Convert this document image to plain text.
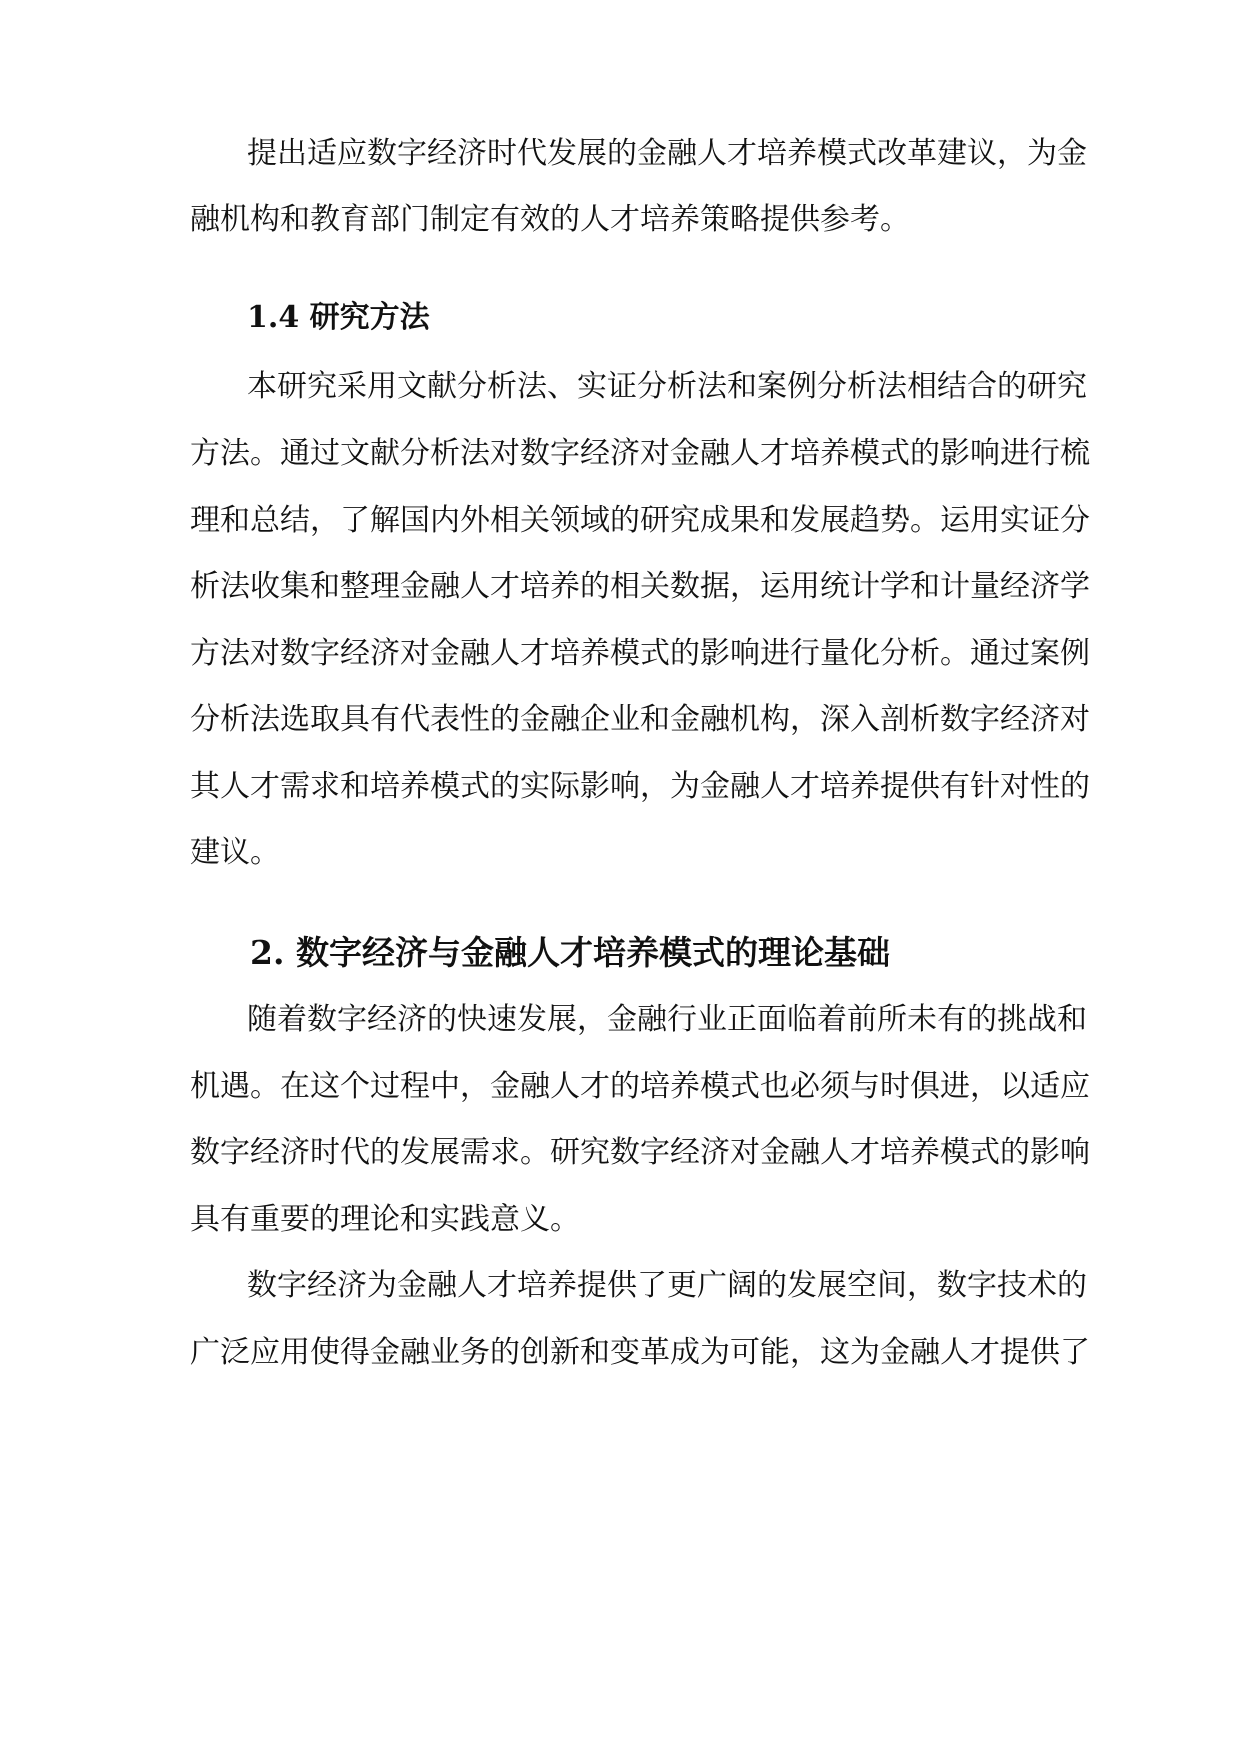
提出适应数字经济时代发展的金融人才培养模式改革建议，为金
融机构和教育部门制定有效的人才培养策略提供参考。
1.4 研究方法
本研究采用文献分析法、实证分析法和案例分析法相结合的研究
方法。通过文献分析法对数字经济对金融人才培养模式的影响进行梳
理和总结，了解国内外相关领域的研究成果和发展趋势。运用实证分
析法收集和整理金融人才培养的相关数据，运用统计学和计量经济学
方法对数字经济对金融人才培养模式的影响进行量化分析。通过案例
分析法选取具有代表性的金融企业和金融机构，深入剖析数字经济对
其人才需求和培养模式的实际影响，为金融人才培养提供有针对性的
建议。
2. 数字经济与金融人才培养模式的理论基础
随着数字经济的快速发展，金融行业正面临着前所未有的挑战和
机遇。在这个过程中，金融人才的培养模式也必须与时俱进，以适应
数字经济时代的发展需求。研究数字经济对金融人才培养模式的影响
具有重要的理论和实践意义。
数字经济为金融人才培养提供了更广阔的发展空间，数字技术的
广泛应用使得金融业务的创新和变革成为可能，这为金融人才提供了
